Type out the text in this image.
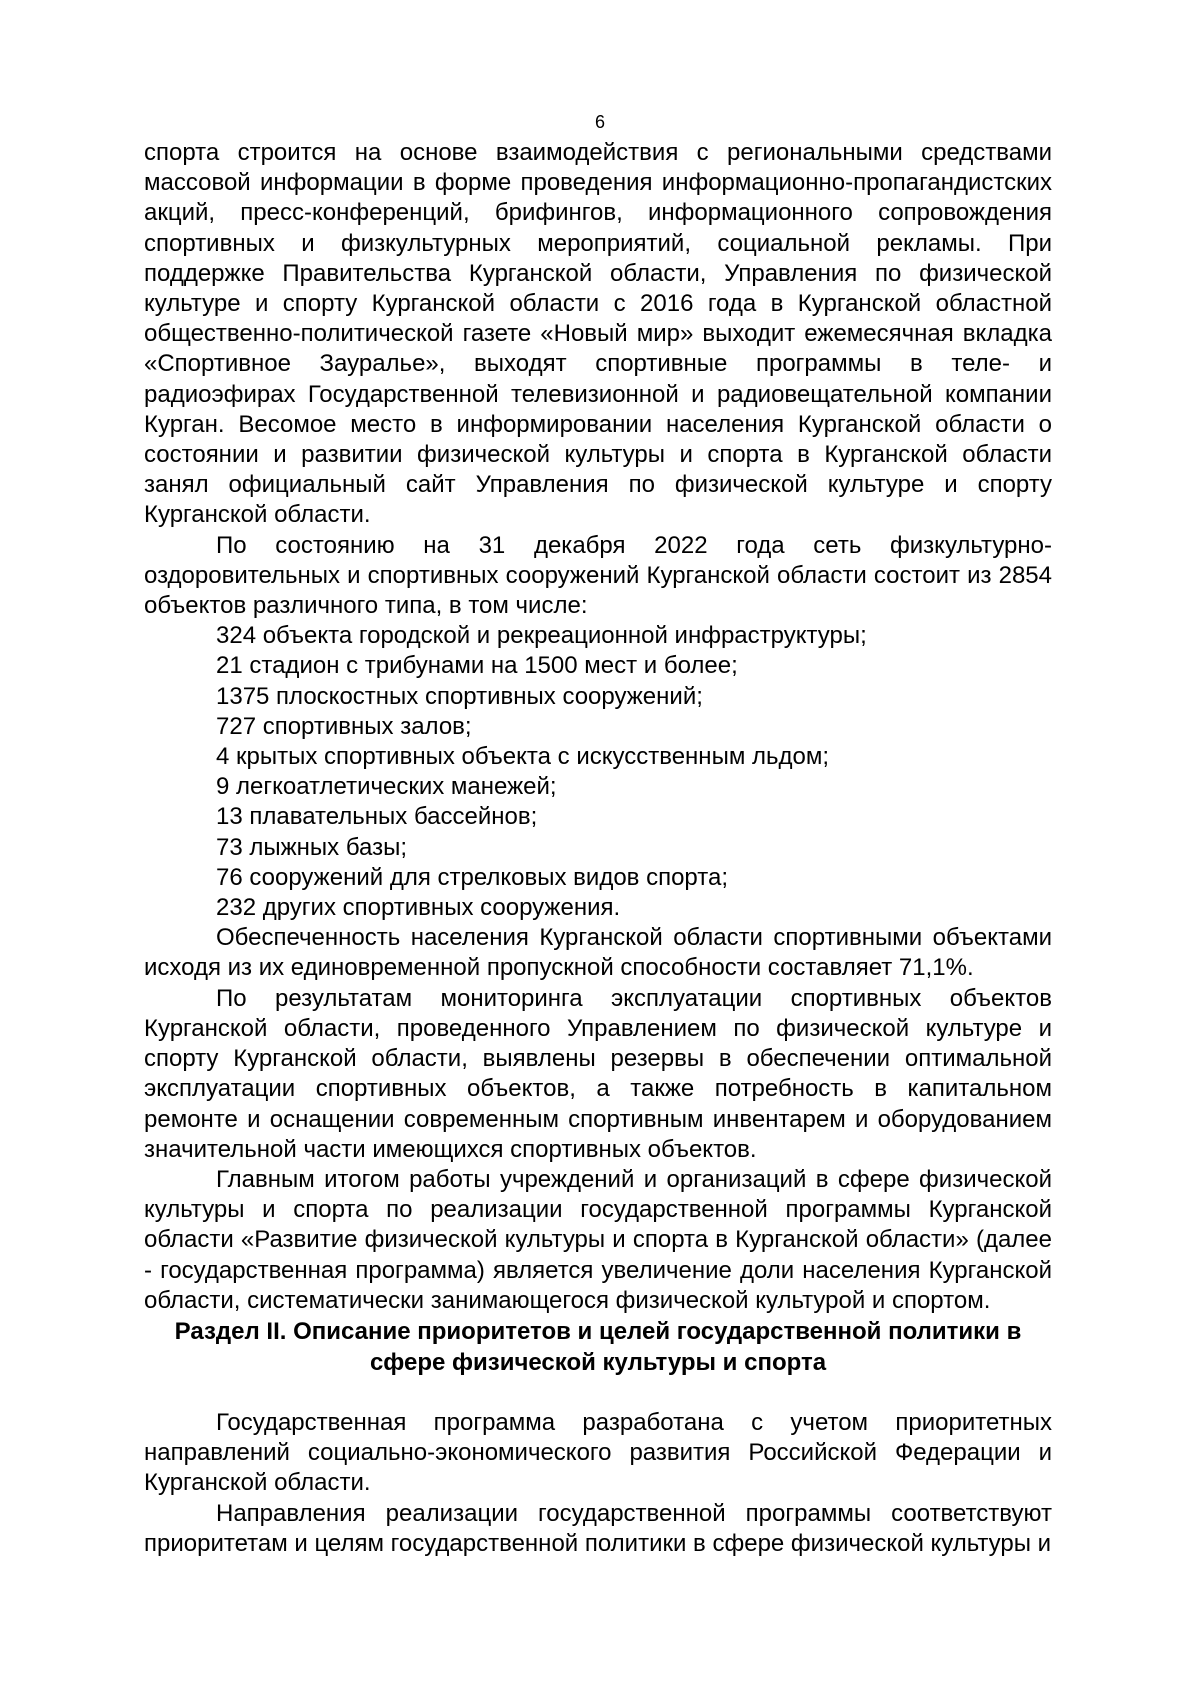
6

спорта строится на основе взаимодействия с региональными средствами массовой информации в форме проведения информационно-пропагандистских акций, пресс-конференций, брифингов, информационного сопровождения спортивных и физкультурных мероприятий, социальной рекламы. При поддержке Правительства Курганской области, Управления по физической культуре и спорту Курганской области с 2016 года в Курганской областной общественно-политической газете «Новый мир» выходит ежемесячная вкладка «Спортивное Зауралье», выходят спортивные программы в теле- и радиоэфирах Государственной телевизионной и радиовещательной компании Курган. Весомое место в информировании населения Курганской области о состоянии и развитии физической культуры и спорта в Курганской области занял официальный сайт Управления по физической культуре и спорту Курганской области.

По состоянию на 31 декабря 2022 года сеть физкультурно-оздоровительных и спортивных сооружений Курганской области состоит из 2854 объектов различного типа, в том числе:

324 объекта городской и рекреационной инфраструктуры;

21 стадион с трибунами на 1500 мест и более;

1375 плоскостных спортивных сооружений;

727 спортивных залов;

4 крытых спортивных объекта с искусственным льдом;

9 легкоатлетических манежей;

13 плавательных бассейнов;

73 лыжных базы;

76 сооружений для стрелковых видов спорта;

232 других спортивных сооружения.

Обеспеченность населения Курганской области спортивными объектами исходя из их единовременной пропускной способности составляет 71,1%.

По результатам мониторинга эксплуатации спортивных объектов Курганской области, проведенного Управлением по физической культуре и спорту Курганской области, выявлены резервы в обеспечении оптимальной эксплуатации спортивных объектов, а также потребность в капитальном ремонте и оснащении современным спортивным инвентарем и оборудованием значительной части имеющихся спортивных объектов.

Главным итогом работы учреждений и организаций в сфере физической культуры и спорта по реализации государственной программы Курганской области «Развитие физической культуры и спорта в Курганской области» (далее - государственная программа) является увеличение доли населения Курганской области, систематически занимающегося физической культурой и спортом.

Раздел II. Описание приоритетов и целей государственной политики в сфере физической культуры и спорта

Государственная программа разработана с учетом приоритетных направлений социально-экономического развития Российской Федерации и Курганской области.

Направления реализации государственной программы соответствуют приоритетам и целям государственной политики в сфере физической культуры и
